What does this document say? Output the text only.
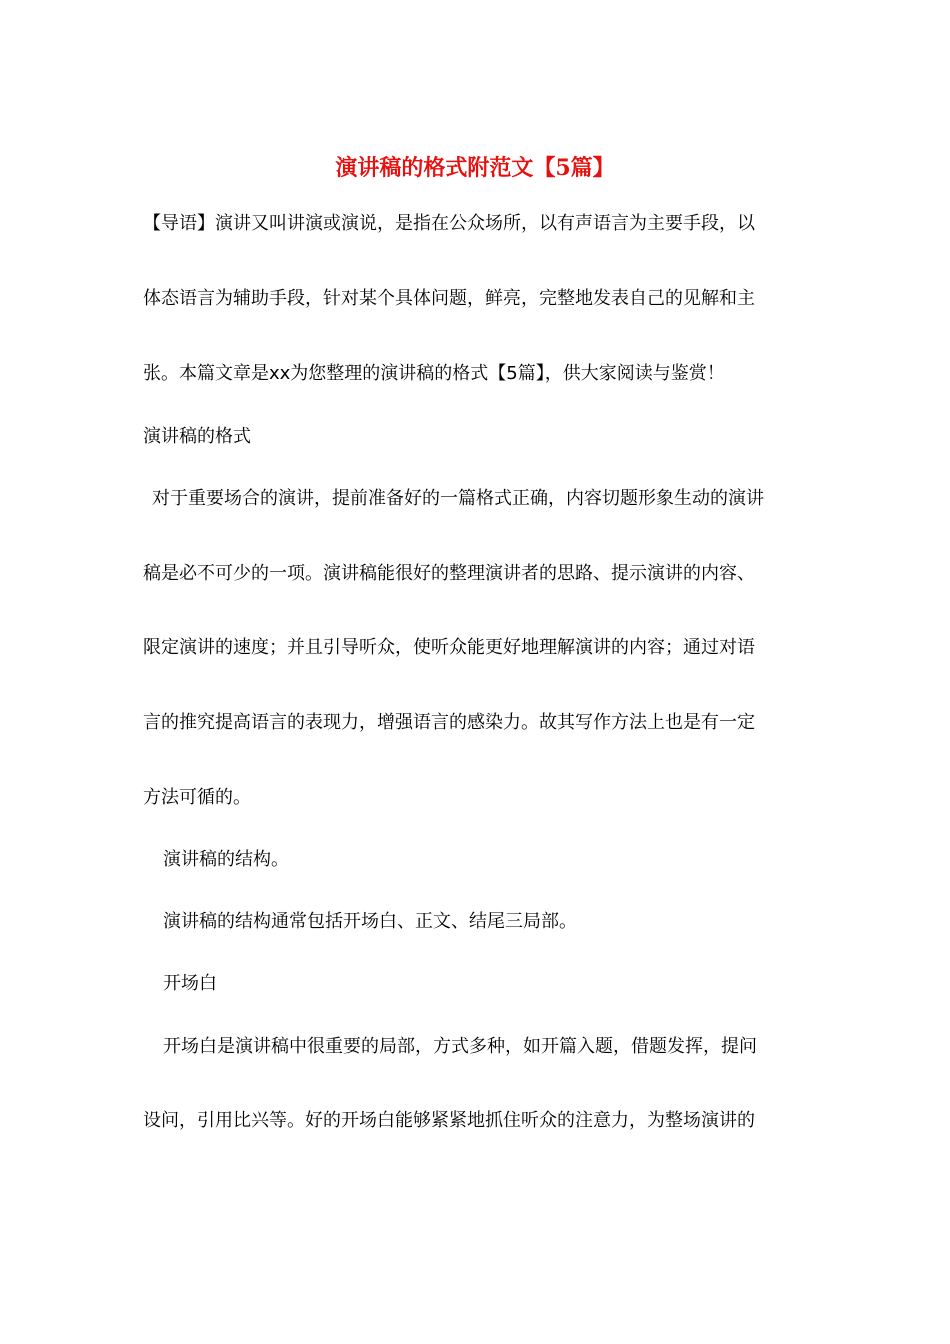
演讲稿的格式附范文【5篇】
【导语】演讲又叫讲演或演说，是指在公众场所，以有声语言为主要手段，以
体态语言为辅助手段，针对某个具体问题，鲜亮，完整地发表自己的见解和主
张。本篇文章是xx为您整理的演讲稿的格式【5篇】，供大家阅读与鉴赏！
演讲稿的格式
对于重要场合的演讲，提前准备好的一篇格式正确，内容切题形象生动的演讲
稿是必不可少的一项。演讲稿能很好的整理演讲者的思路、提示演讲的内容、
限定演讲的速度；并且引导听众，使听众能更好地理解演讲的内容；通过对语
言的推究提高语言的表现力，增强语言的感染力。故其写作方法上也是有一定
方法可循的。
演讲稿的结构。
演讲稿的结构通常包括开场白、正文、结尾三局部。
开场白
开场白是演讲稿中很重要的局部，方式多种，如开篇入题，借题发挥，提问
设问，引用比兴等。好的开场白能够紧紧地抓住听众的注意力，为整场演讲的
